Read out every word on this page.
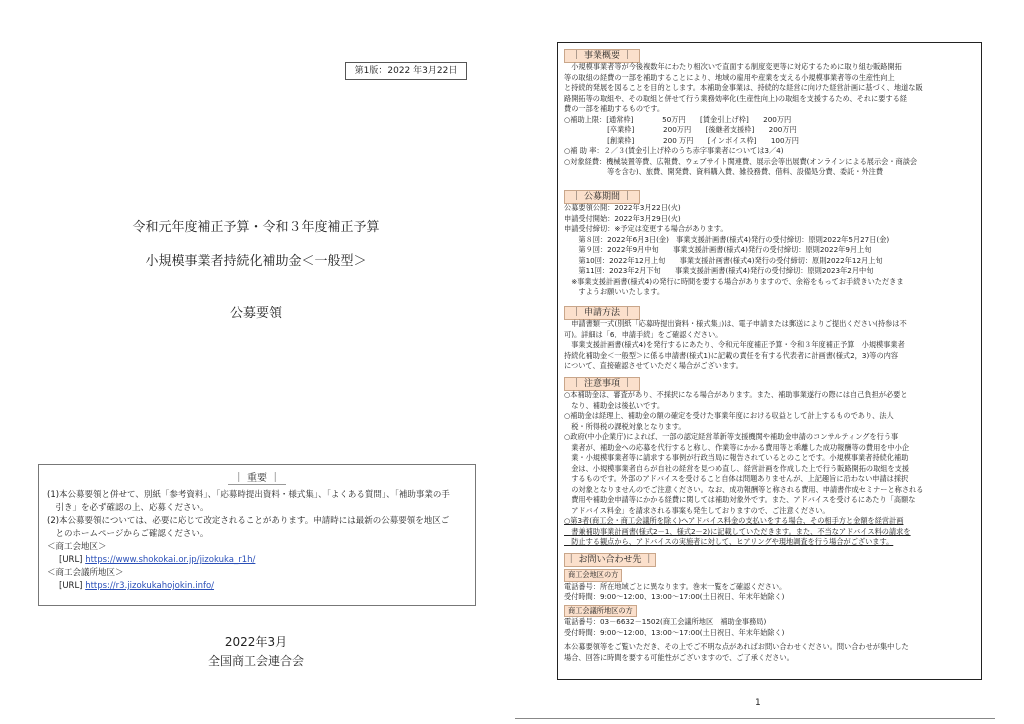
第1版：2022 年3月22日
令和元年度補正予算・令和３年度補正予算
小規模事業者持続化補助金＜一般型＞
公募要領
｜ 重要 ｜
(1)本公募要領と併せて、別紙「参考資料」、「応募時提出資料・様式集」、「よくある質問」、「補助事業の手
　引き」を必ず確認の上、応募ください。
(2)本公募要領については、必要に応じて改定されることがあります。申請時には最新の公募要領を地区ご
　とのホームページからご確認ください。
＜商工会地区＞
[URL] https://www.shokokai.or.jp/jizokuka_r1h/
＜商工会議所地区＞
[URL] https://r3.jizokukahojokin.info/
2022年3月
全国商工会連合会
｜ 事業概要 ｜
　小規模事業者等が今後複数年にわたり相次いで直面する制度変更等に対応するために取り組む販路開拓
等の取組の経費の一部を補助することにより、地域の雇用や産業を支える小規模事業者等の生産性向上
と持続的発展を図ることを目的とします。本補助金事業は、持続的な経営に向けた経営計画に基づく、地道な販
路開拓等の取組や、その取組と併せて行う業務効率化(生産性向上)の取組を支援するため、それに要する経
費の一部を補助するものです。
○補助上限：[通常枠]　　　　50万円　　[賃金引上げ枠]　　200万円
　　　　　　[卒業枠]　　　　200万円　　[後継者支援枠]　　200万円
　　　　　　[創業枠]　　　　200 万円　　[インボイス枠]　　100万円
○補 助 率：２／３(賃金引上げ枠のうち赤字事業者については3／4)
○対象経費：機械装置等費、広報費、ウェブサイト関連費、展示会等出展費(オンラインによる展示会・商談会
　　　　　　等を含む)、旅費、開発費、資料購入費、雑役務費、借料、設備処分費、委託・外注費
｜ 公募期間 ｜
公募要領公開：2022年3月22日(火)
申請受付開始：2022年3月29日(火)
申請受付締切：※予定は変更する場合があります。
　　第８回：2022年6月3日(金)　事業支援計画書(様式4)発行の受付締切：原則2022年5月27日(金)
　　第９回：2022年9月中旬　　事業支援計画書(様式4)発行の受付締切：原則2022年9月上旬
　　第10回：2022年12月上旬　　事業支援計画書(様式4)発行の受付締切：原則2022年12月上旬
　　第11回：2023年2月下旬　　事業支援計画書(様式4)発行の受付締切：原則2023年2月中旬
　※事業支援計画書(様式4)の発行に時間を要する場合がありますので、余裕をもってお手続きいただきま
　　すようお願いいたします。
｜ 申請方法 ｜
　申請書類一式(別紙「応募時提出資料・様式集」)は、電子申請または郵送によりご提出ください(持参は不
可)。詳細は「6．申請手続」をご確認ください。
　事業支援計画書(様式4)を発行するにあたり、令和元年度補正予算・令和３年度補正予算　小規模事業者
持続化補助金＜一般型＞に係る申請書(様式1)に記載の責任を有する代表者に計画書(様式2，3)等の内容
について、直接確認させていただく場合がございます。
｜ 注意事項 ｜
○本補助金は、審査があり、不採択になる場合があります。また、補助事業遂行の際には自己負担が必要と
　なり、補助金は後払いです。
○補助金は経理上、補助金の額の確定を受けた事業年度における収益として計上するものであり、法人
　税・所得税の課税対象となります。
○政府(中小企業庁)によれば、一部の認定経営革新等支援機関や補助金申請のコンサルティングを行う事
　業者が、補助金への応募を代行すると称し、作業等にかかる費用等と乖離した成功報酬等の費用を中小企
　業・小規模事業者等に請求する事例が行政当局に報告されているとのことです。小規模事業者持続化補助
　金は、小規模事業者自らが自社の経営を見つめ直し、経営計画を作成した上で行う販路開拓の取組を支援
　するものです。外部のアドバイスを受けること自体は問題ありませんが、上記趣旨に沿わない申請は採択
　の対象となりませんのでご注意ください。なお、成功報酬等と称される費用、申請書作成セミナーと称される
　費用や補助金申請等にかかる経費に関しては補助対象外です。また、アドバイスを受けるにあたり「高額な
　アドバイス料金」を請求される事案も発生しておりますので、ご注意ください。
○第3者(商工会・商工会議所を除く)へアドバイス料金の支払いをする場合、その相手方と金額を経営計画
　書兼補助事業計画書(様式2－1、様式2－2)に記載していただきます。また、不当なアドバイス料の請求を
　防止する観点から、アドバイスの実施者に対して、ヒアリングや現地調査を行う場合がございます。
｜ お問い合わせ先 ｜
商工会地区の方
電話番号：所在地域ごとに異なります。巻末一覧をご確認ください。
受付時間：9:00～12:00、13:00～17:00(土日祝日、年末年始除く)
商工会議所地区の方
電話番号：03－6632－1502(商工会議所地区　補助金事務局)
受付時間：9:00～12:00、13:00～17:00(土日祝日、年末年始除く)
本公募要領等をご覧いただき、その上でご不明な点があればお問い合わせください。問い合わせが集中した
場合、回答に時間を要する可能性がございますので、ご了承ください。
1
